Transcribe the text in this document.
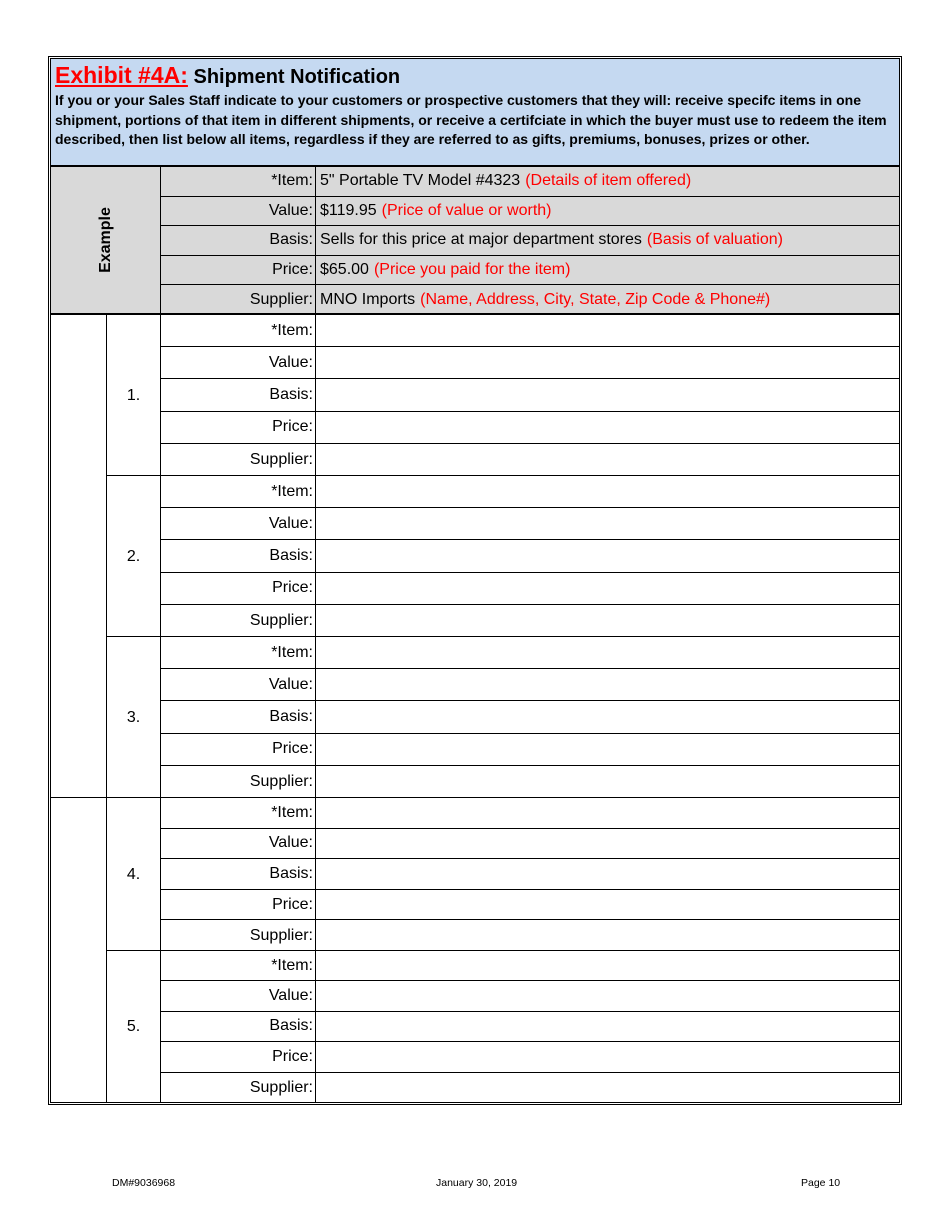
Exhibit #4A: Shipment Notification
If you or your Sales Staff indicate to your customers or prospective customers that they will: receive specifc items in one shipment, portions of that item in different shipments, or receive a certifciate in which the buyer must use to redeem the item described, then list below all items, regardless if they are referred to as gifts, premiums, bonuses, prizes or other.
Example
*Item: 5" Portable TV Model #4323 (Details of item offered)
Value: $119.95 (Price of value or worth)
Basis: Sells for this price at major department stores (Basis of valuation)
Price: $65.00 (Price you paid for the item)
Supplier: MNO Imports (Name, Address, City, State, Zip Code & Phone#)
1.
*Item:
Value:
Basis:
Price:
Supplier:
2.
*Item:
Value:
Basis:
Price:
Supplier:
3.
*Item:
Value:
Basis:
Price:
Supplier:
4.
*Item:
Value:
Basis:
Price:
Supplier:
5.
*Item:
Value:
Basis:
Price:
Supplier:
DM#9036968	January 30, 2019	Page 10
